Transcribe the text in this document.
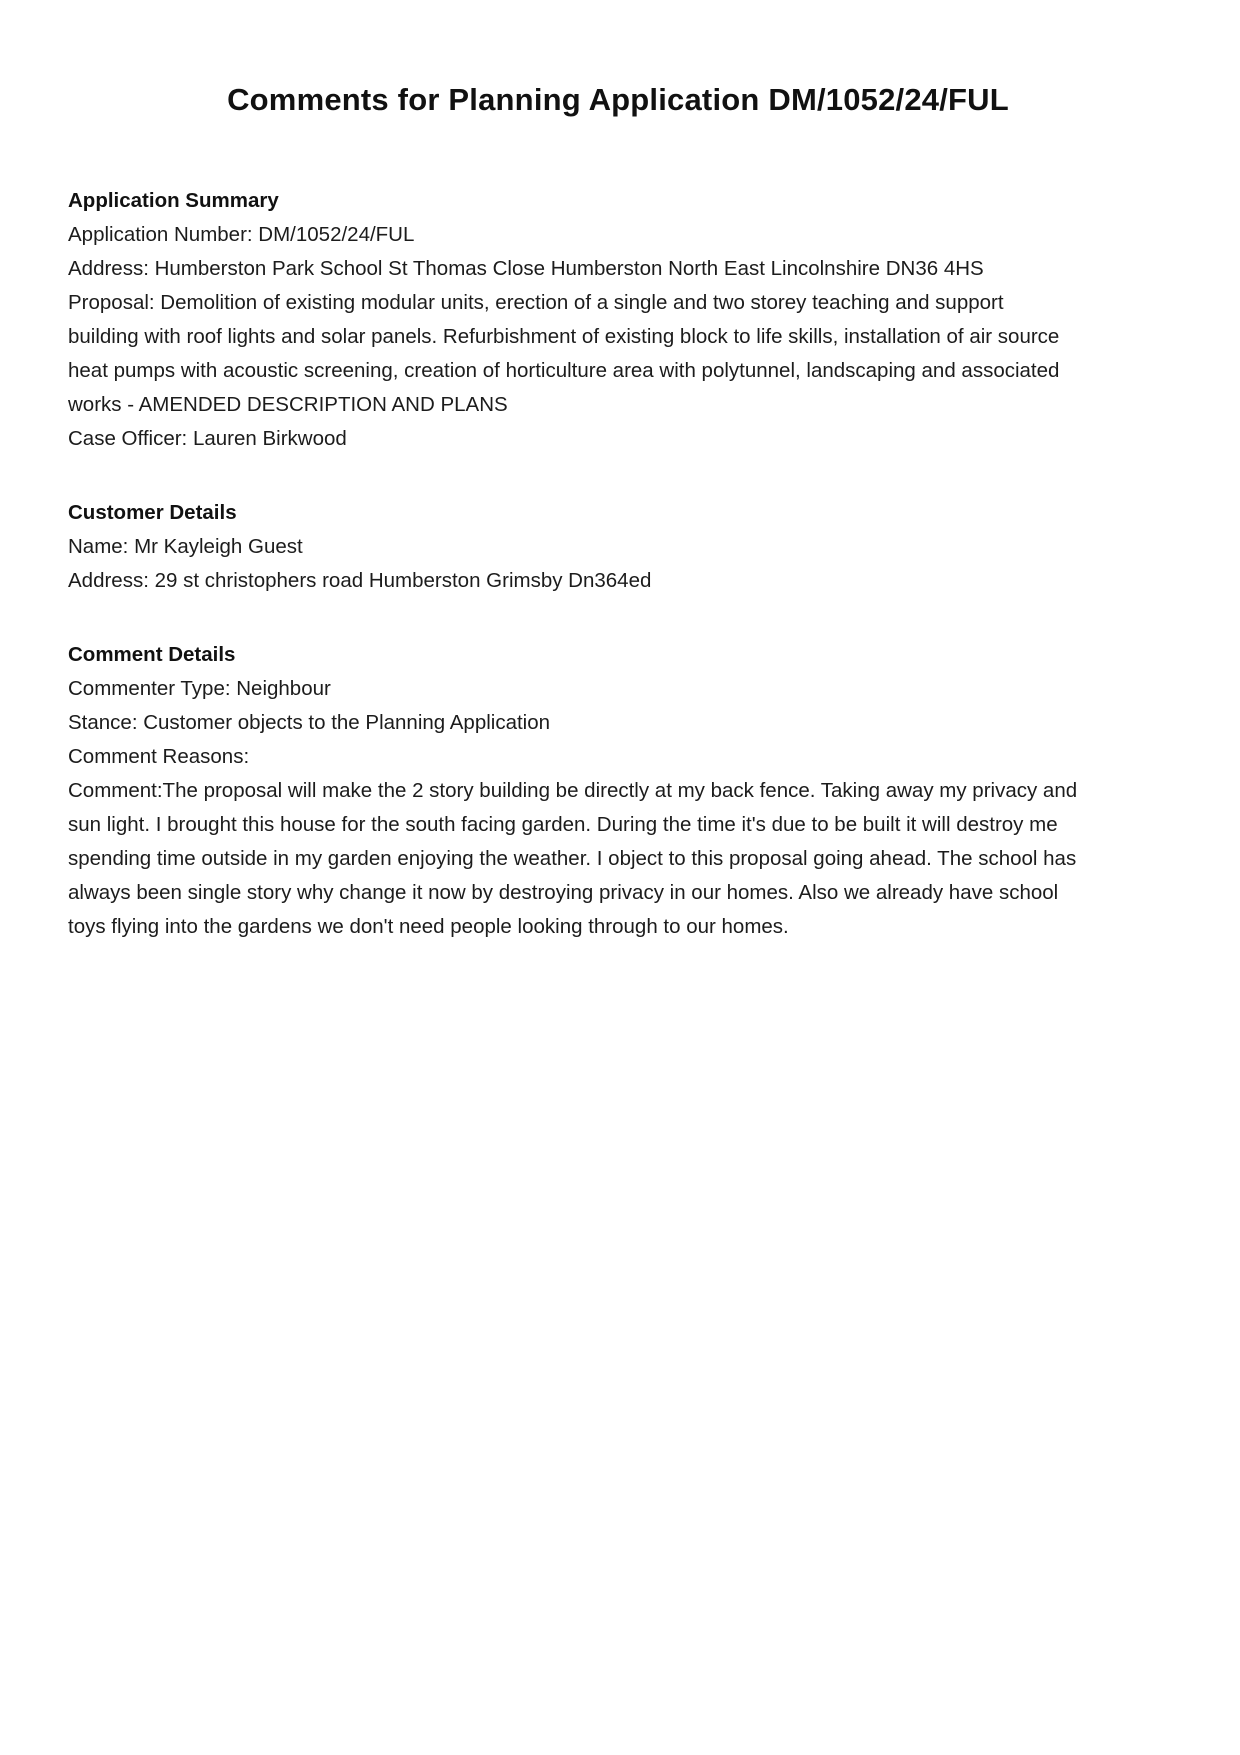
Comments for Planning Application DM/1052/24/FUL
Application Summary

Application Number: DM/1052/24/FUL

Address: Humberston Park School St Thomas Close Humberston North East Lincolnshire DN36 4HS

Proposal: Demolition of existing modular units, erection of a single and two storey teaching and support building with roof lights and solar panels. Refurbishment of existing block to life skills, installation of air source heat pumps with acoustic screening, creation of horticulture area with polytunnel, landscaping and associated works - AMENDED DESCRIPTION AND PLANS

Case Officer: Lauren Birkwood

Customer Details

Name: Mr Kayleigh Guest

Address: 29 st christophers road Humberston Grimsby Dn364ed

Comment Details

Commenter Type: Neighbour

Stance: Customer objects to the Planning Application

Comment Reasons:

Comment:The proposal will make the 2 story building be directly at my back fence. Taking away my privacy and sun light. I brought this house for the south facing garden. During the time it's due to be built it will destroy me spending time outside in my garden enjoying the weather. I object to this proposal going ahead. The school has always been single story why change it now by destroying privacy in our homes. Also we already have school toys flying into the gardens we don't need people looking through to our homes.
